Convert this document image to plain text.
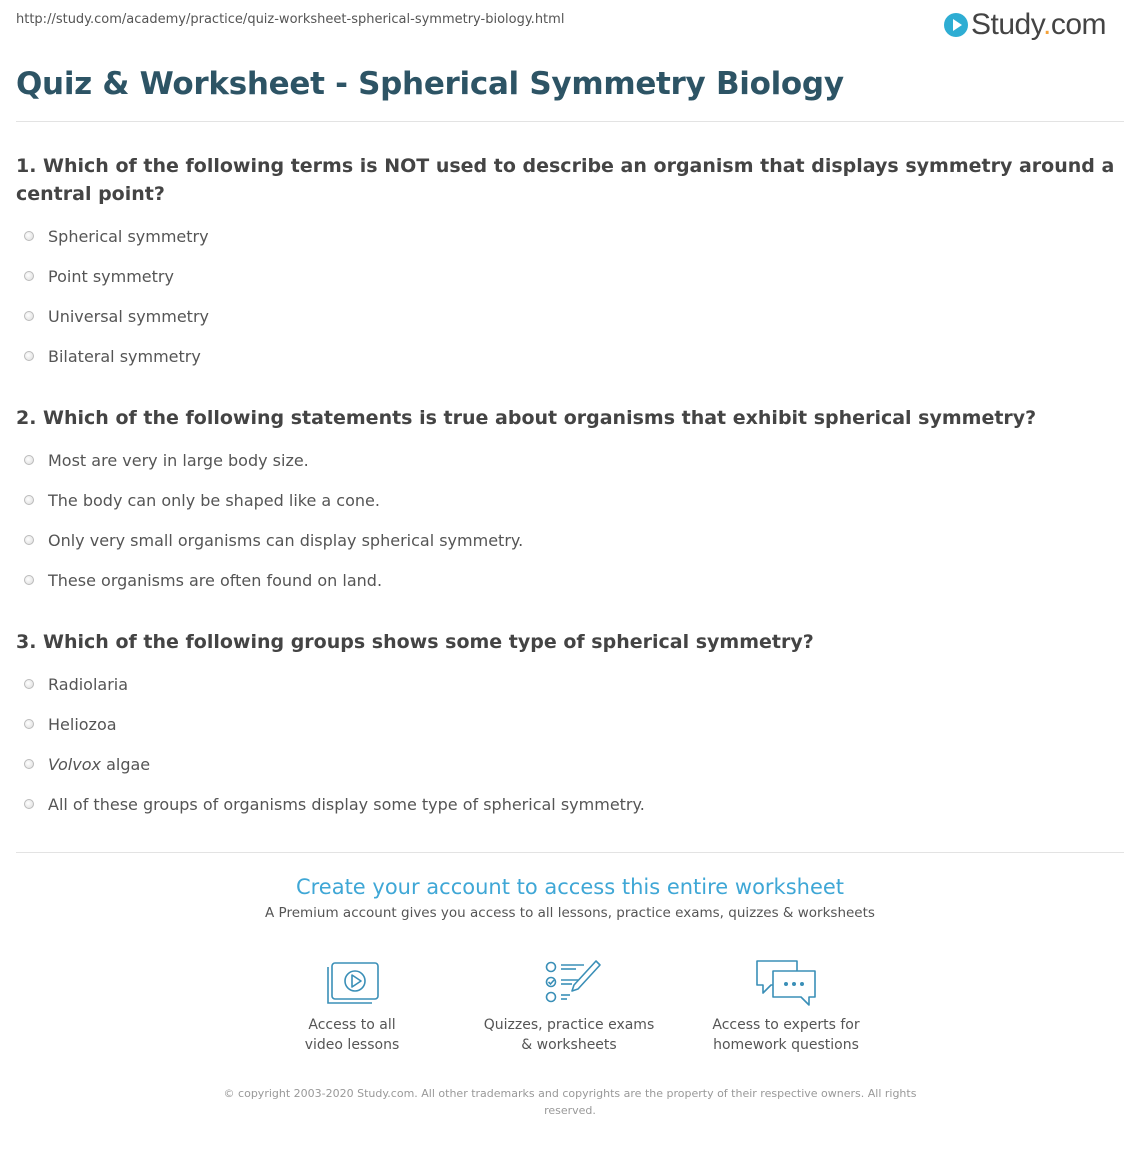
http://study.com/academy/practice/quiz-worksheet-spherical-symmetry-biology.html	Study.com
Quiz & Worksheet - Spherical Symmetry Biology
1. Which of the following terms is NOT used to describe an organism that displays symmetry around a central point?
Spherical symmetry
Point symmetry
Universal symmetry
Bilateral symmetry
2. Which of the following statements is true about organisms that exhibit spherical symmetry?
Most are very in large body size.
The body can only be shaped like a cone.
Only very small organisms can display spherical symmetry.
These organisms are often found on land.
3. Which of the following groups shows some type of spherical symmetry?
Radiolaria
Heliozoa
Volvox algae
All of these groups of organisms display some type of spherical symmetry.
Create your account to access this entire worksheet
A Premium account gives you access to all lessons, practice exams, quizzes & worksheets
Access to all
video lessons
Quizzes, practice exams
& worksheets
Access to experts for
homework questions
© copyright 2003-2020 Study.com. All other trademarks and copyrights are the property of their respective owners. All rights reserved.
